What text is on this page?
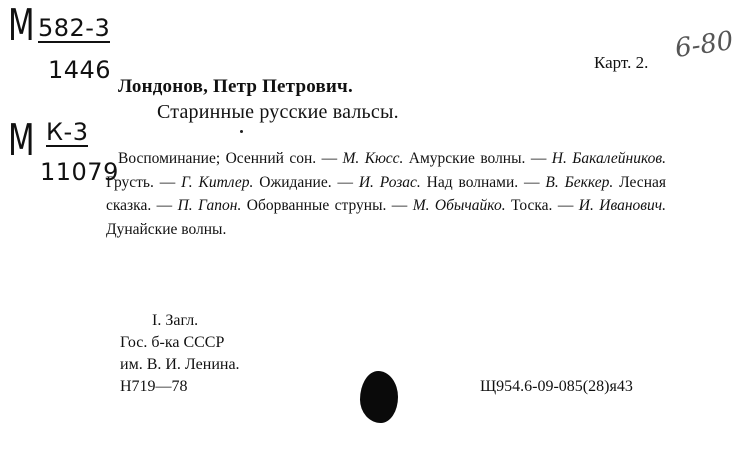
М 582-3
1446
М К-3
11079
6-80
Карт. 2.
Лондонов, Петр Петрович.
Старинные русские вальсы.

Воспоминание; Осенний сон. — М. Кюсс. Амурские волны. — Н. Бакалейников. Грусть. — Г. Китлер. Ожидание. — И. Розас. Над волнами. — В. Беккер. Лесная сказка. — П. Гапон. Оборванные струны. — М. Обычайко. Тоска. — И. Иванович. Дунайские волны.

I. Загл.
Гос. б-ка СССР
им. В. И. Ленина.
Н719—78	Щ954.6-09-085(28)я43
